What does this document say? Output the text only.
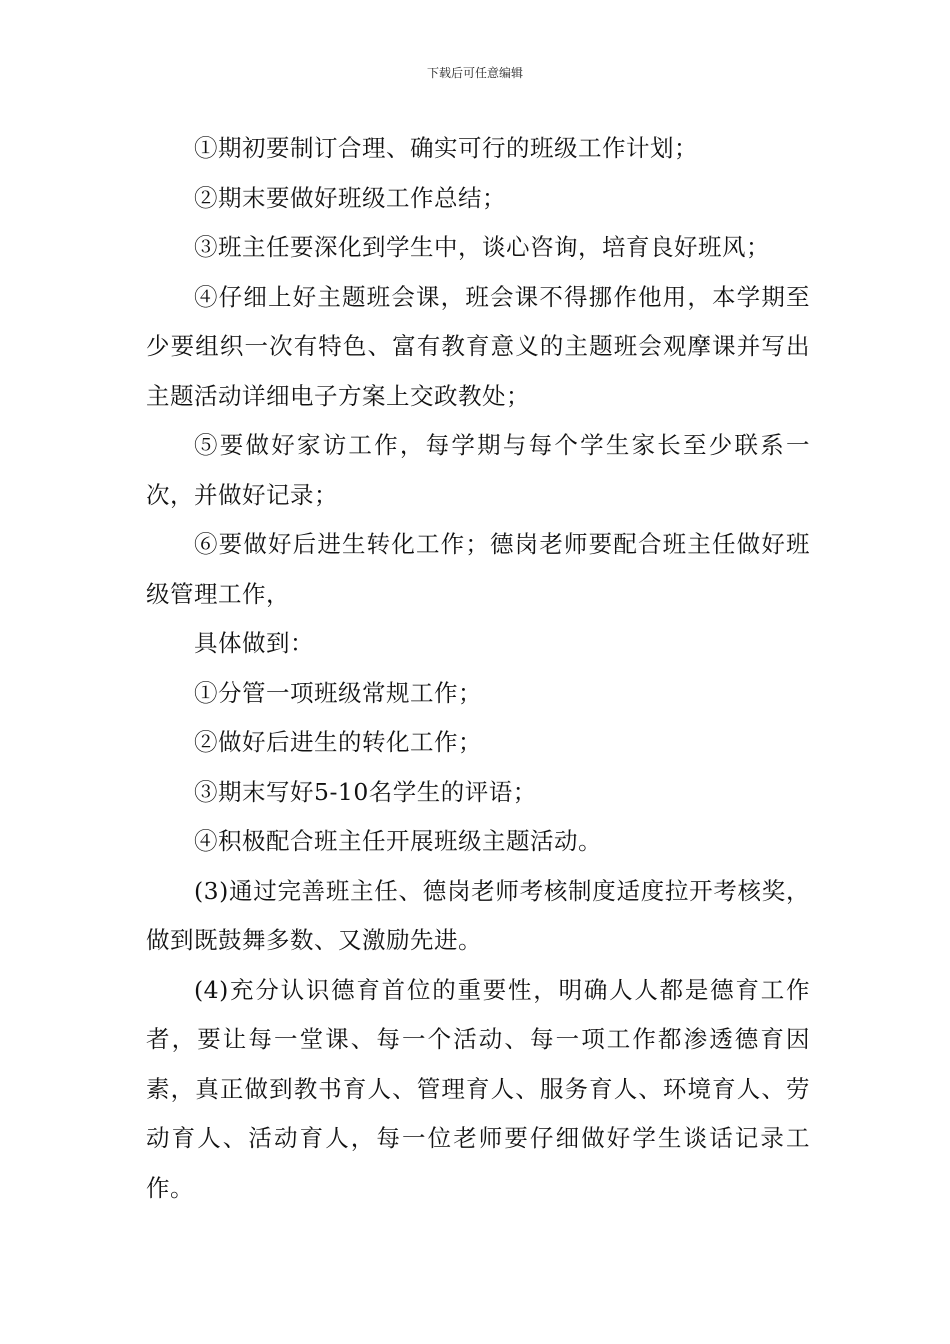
下载后可任意编辑

①期初要制订合理、确实可行的班级工作计划；

②期末要做好班级工作总结；

③班主任要深化到学生中，谈心咨询，培育良好班风；

④仔细上好主题班会课，班会课不得挪作他用，本学期至少要组织一次有特色、富有教育意义的主题班会观摩课并写出主题活动详细电子方案上交政教处；

⑤要做好家访工作，每学期与每个学生家长至少联系一次，并做好记录；

⑥要做好后进生转化工作；德岗老师要配合班主任做好班级管理工作，

具体做到：

①分管一项班级常规工作；

②做好后进生的转化工作；

③期末写好5-10名学生的评语；

④积极配合班主任开展班级主题活动。

(3)通过完善班主任、德岗老师考核制度适度拉开考核奖，做到既鼓舞多数、又激励先进。

(4)充分认识德育首位的重要性，明确人人都是德育工作者，要让每一堂课、每一个活动、每一项工作都渗透德育因素，真正做到教书育人、管理育人、服务育人、环境育人、劳动育人、活动育人，每一位老师要仔细做好学生谈话记录工作。
